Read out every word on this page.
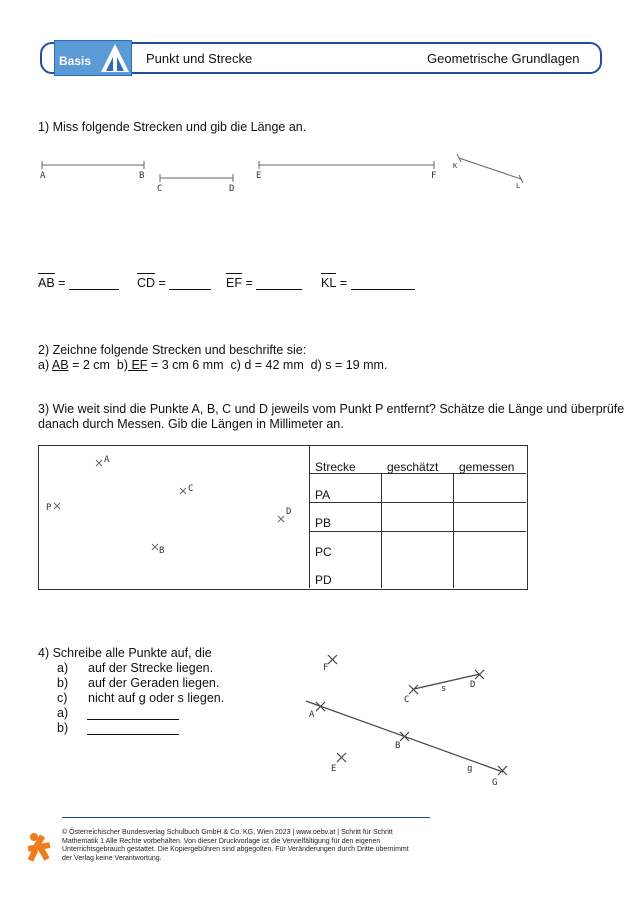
Basis	Punkt und Strecke	Geometrische Grundlagen
1) Miss folgende Strecken und gib die Länge an.
A	B
C	D
E	F
K
L
AB =	CD =	EF =	KL =
2) Zeichne folgende Strecken und beschrifte sie:
a) AB = 2 cm  b) EF = 3 cm 6 mm  c) d = 42 mm  d) s = 19 mm.
3) Wie weit sind die Punkte A, B, C und D jeweils vom Punkt P entfernt? Schätze die Länge und überprüfe
danach durch Messen. Gib die Längen in Millimeter an.
Strecke	geschätzt gemessen
PA
PB
PC
PD
A
C
P	D
B
4) Schreibe alle Punkte auf, die
a) auf der Strecke liegen.
b) auf der Geraden liegen.
c) nicht auf g oder s liegen.
a)
b)
F
C
s	D
A
B
E	g
G
© Österreichischer Bundesverlag Schulbuch GmbH & Co. KG, Wien 2023 | www.oebv.at | Schritt für Schritt
Mathematik 1 Alle Rechte vorbehalten. Von dieser Druckvorlage ist die Vervielfältigung für den eigenen
Unterrichtsgebrauch gestattet. Die Kopiergebühren sind abgegolten. Für Veränderungen durch Dritte übernimmt
der Verlag keine Verantwortung.
